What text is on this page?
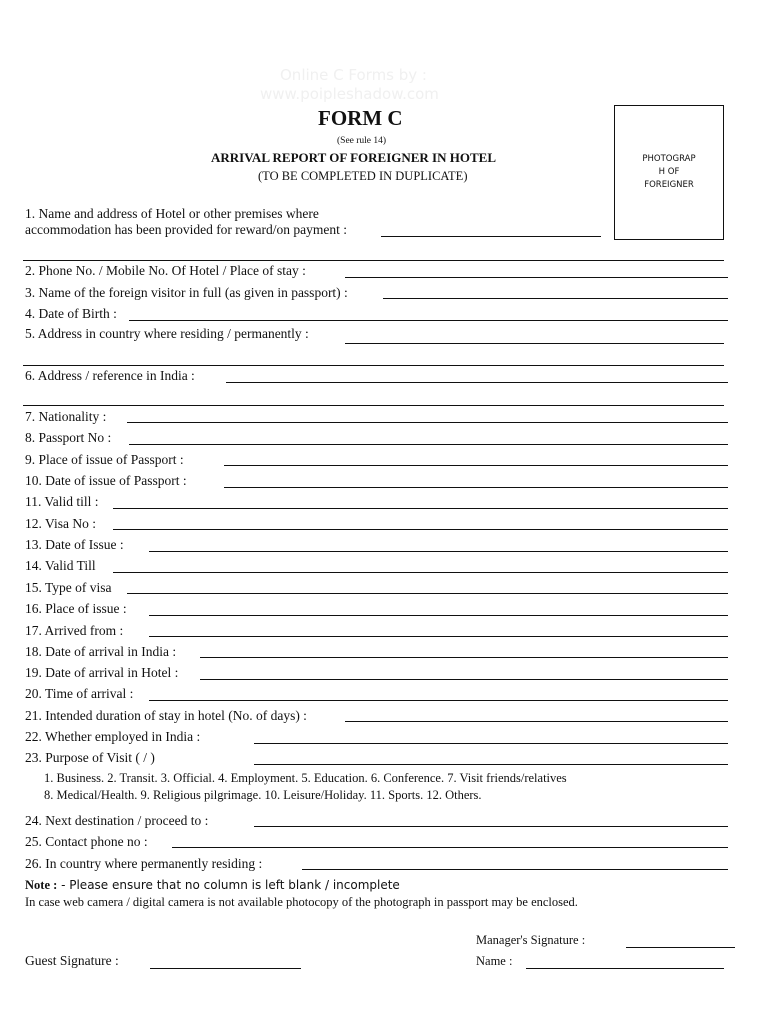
Online C Forms by :
www.poipleshadow.com
FORM C
(See rule 14)
ARRIVAL REPORT OF FOREIGNER IN HOTEL
(TO BE COMPLETED IN DUPLICATE)
PHOTOGRAP
H OF
FOREIGNER
1. Name and address of Hotel or other premises where
accommodation has been provided for reward/on payment :
2. Phone No. / Mobile No. Of Hotel / Place of stay :
3. Name of the foreign visitor in full (as given in passport) :
4. Date of Birth :
5. Address in country where residing / permanently :
6. Address / reference in India :
7. Nationality :
8. Passport No :
9. Place of issue of Passport :
10. Date of issue of Passport :
11. Valid till :
12. Visa No :
13. Date of Issue :
14. Valid Till
15. Type of visa
16. Place of issue :
17. Arrived from :
18. Date of arrival in India :
19. Date of arrival in Hotel :
20. Time of arrival :
21. Intended duration of stay in hotel (No. of days) :
22. Whether employed in India :
23. Purpose of Visit ( / )
1. Business. 2. Transit. 3. Official. 4. Employment. 5. Education. 6. Conference. 7. Visit friends/relatives
8. Medical/Health. 9. Religious pilgrimage. 10. Leisure/Holiday. 11. Sports. 12. Others.
24. Next destination / proceed to :
25. Contact phone no :
26. In country where permanently residing :
Note : - Please ensure that no column is left blank / incomplete
In case web camera / digital camera is not available photocopy of the photograph in passport may be enclosed.
Manager's Signature :
Name :
Guest Signature :
